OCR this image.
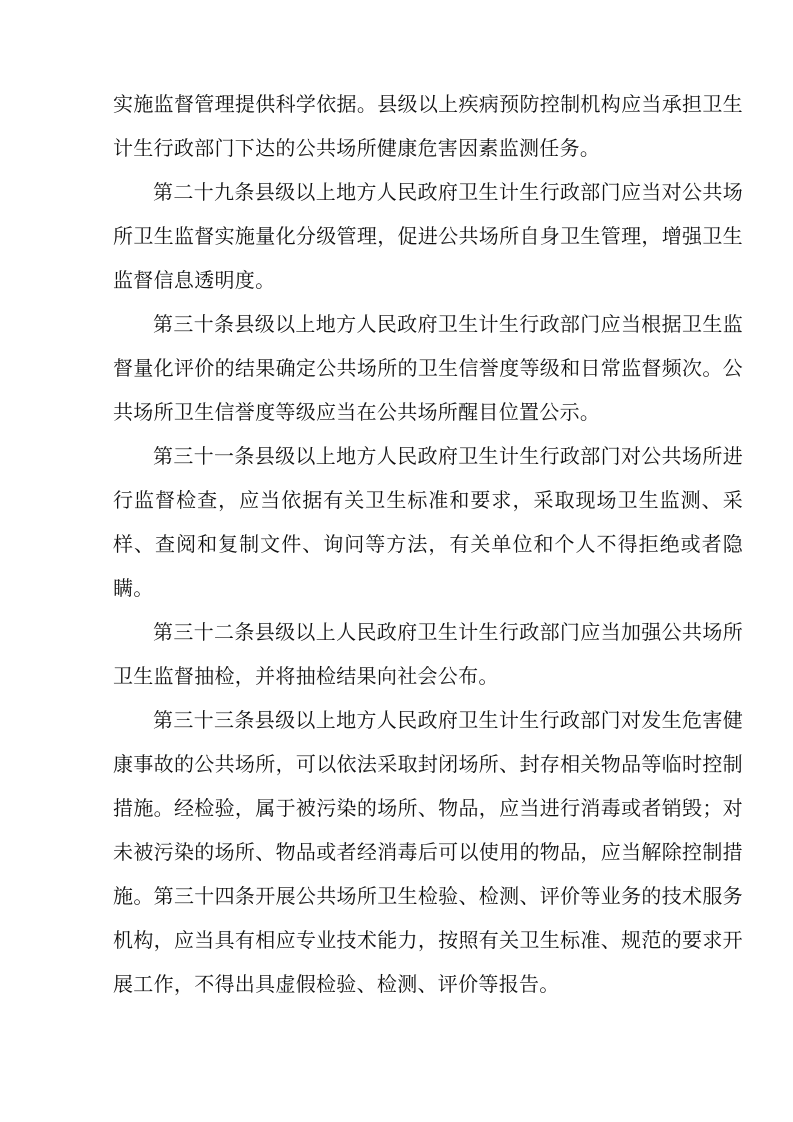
实施监督管理提供科学依据。县级以上疾病预防控制机构应当承担卫生计生行政部门下达的公共场所健康危害因素监测任务。

第二十九条县级以上地方人民政府卫生计生行政部门应当对公共场所卫生监督实施量化分级管理，促进公共场所自身卫生管理，增强卫生监督信息透明度。

第三十条县级以上地方人民政府卫生计生行政部门应当根据卫生监督量化评价的结果确定公共场所的卫生信誉度等级和日常监督频次。公共场所卫生信誉度等级应当在公共场所醒目位置公示。

第三十一条县级以上地方人民政府卫生计生行政部门对公共场所进行监督检查，应当依据有关卫生标准和要求，采取现场卫生监测、采样、查阅和复制文件、询问等方法，有关单位和个人不得拒绝或者隐瞒。

第三十二条县级以上人民政府卫生计生行政部门应当加强公共场所卫生监督抽检，并将抽检结果向社会公布。

第三十三条县级以上地方人民政府卫生计生行政部门对发生危害健康事故的公共场所，可以依法采取封闭场所、封存相关物品等临时控制措施。经检验，属于被污染的场所、物品，应当进行消毒或者销毁；对未被污染的场所、物品或者经消毒后可以使用的物品，应当解除控制措施。第三十四条开展公共场所卫生检验、检测、评价等业务的技术服务机构，应当具有相应专业技术能力，按照有关卫生标准、规范的要求开展工作，不得出具虚假检验、检测、评价等报告。
